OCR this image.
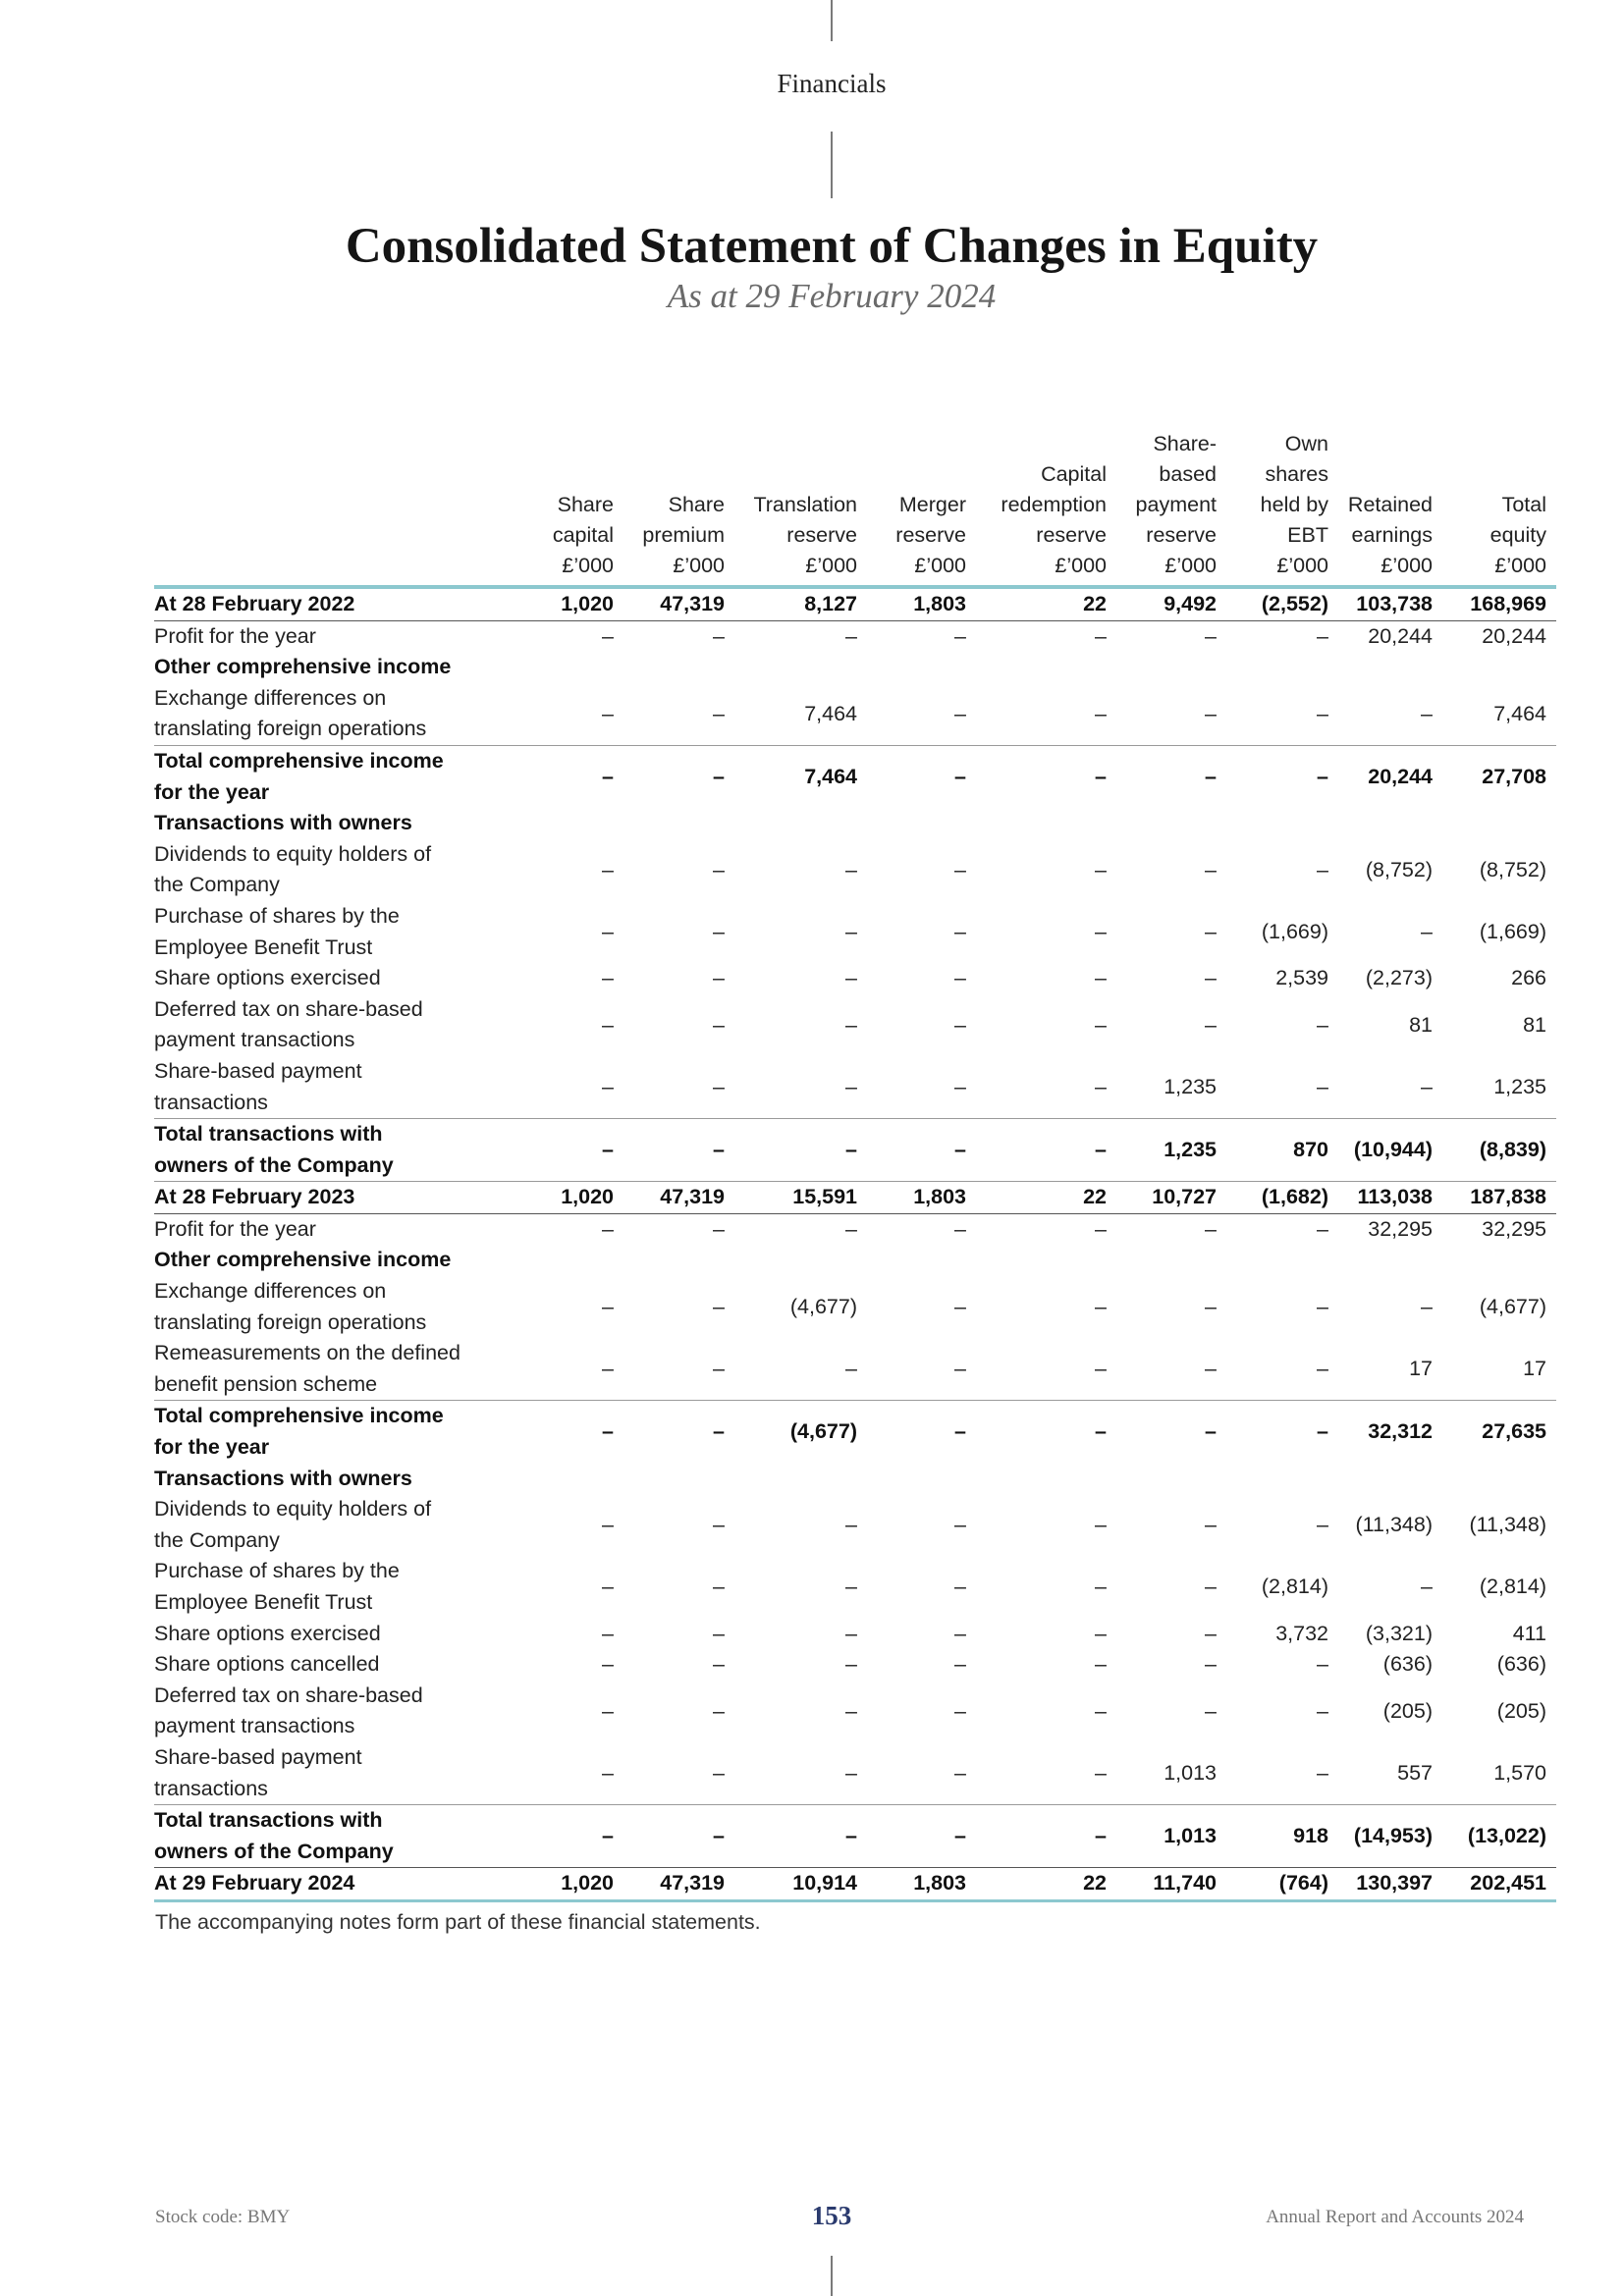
Financials
Consolidated Statement of Changes in Equity
As at 29 February 2024
	Share
capital
£’000	Share
premium
£’000	Translation
reserve
£’000	Merger
reserve
£’000	Capital
redemption
reserve
£’000	Share-
based
payment
reserve
£’000	Own
shares
held by
EBT
£’000	Retained
earnings
£’000	Total
equity
£’000
At 28 February 2022	1,020	47,319	8,127	1,803	22	9,492	(2,552)	103,738	168,969
Profit for the year	–	–	–	–	–	–	–	20,244	20,244
Other comprehensive income									
Exchange differences on
translating foreign operations	–	–	7,464	–	–	–	–	–	7,464
Total comprehensive income
for the year	–	–	7,464	–	–	–	–	20,244	27,708
Transactions with owners									
Dividends to equity holders of
the Company	–	–	–	–	–	–	–	(8,752)	(8,752)
Purchase of shares by the
Employee Benefit Trust	–	–	–	–	–	–	(1,669)	–	(1,669)
Share options exercised	–	–	–	–	–	–	2,539	(2,273)	266
Deferred tax on share-based
payment transactions	–	–	–	–	–	–	–	81	81
Share-based payment
transactions	–	–	–	–	–	1,235	–	–	1,235
Total transactions with
owners of the Company	–	–	–	–	–	1,235	870	(10,944)	(8,839)
At 28 February 2023	1,020	47,319	15,591	1,803	22	10,727	(1,682)	113,038	187,838
Profit for the year	–	–	–	–	–	–	–	32,295	32,295
Other comprehensive income									
Exchange differences on
translating foreign operations	–	–	(4,677)	–	–	–	–	–	(4,677)
Remeasurements on the defined
benefit pension scheme	–	–	–	–	–	–	–	17	17
Total comprehensive income
for the year	–	–	(4,677)	–	–	–	–	32,312	27,635
Transactions with owners									
Dividends to equity holders of
the Company	–	–	–	–	–	–	–	(11,348)	(11,348)
Purchase of shares by the
Employee Benefit Trust	–	–	–	–	–	–	(2,814)	–	(2,814)
Share options exercised	–	–	–	–	–	–	3,732	(3,321)	411
Share options cancelled	–	–	–	–	–	–	–	(636)	(636)
Deferred tax on share-based
payment transactions	–	–	–	–	–	–	–	(205)	(205)
Share-based payment
transactions	–	–	–	–	–	1,013	–	557	1,570
Total transactions with
owners of the Company	–	–	–	–	–	1,013	918	(14,953)	(13,022)
At 29 February 2024	1,020	47,319	10,914	1,803	22	11,740	(764)	130,397	202,451
The accompanying notes form part of these financial statements.
Stock code: BMY	153	Annual Report and Accounts 2024
